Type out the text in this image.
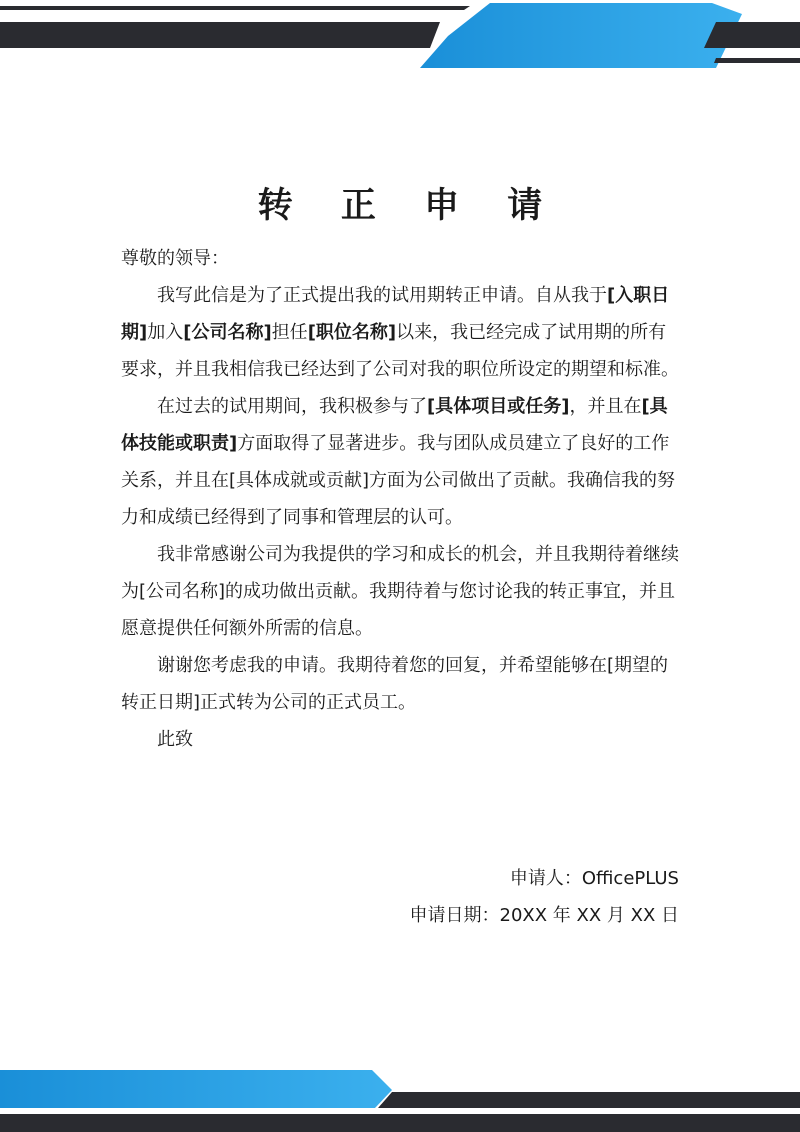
转 正 申 请

尊敬的领导：

我写此信是为了正式提出我的试用期转正申请。自从我于[入职日期]加入[公司名称]担任[职位名称]以来，我已经完成了试用期的所有要求，并且我相信我已经达到了公司对我的职位所设定的期望和标准。

在过去的试用期间，我积极参与了[具体项目或任务]，并且在[具体技能或职责]方面取得了显著进步。我与团队成员建立了良好的工作关系，并且在[具体成就或贡献]方面为公司做出了贡献。我确信我的努力和成绩已经得到了同事和管理层的认可。

我非常感谢公司为我提供的学习和成长的机会，并且我期待着继续为[公司名称]的成功做出贡献。我期待着与您讨论我的转正事宜，并且愿意提供任何额外所需的信息。

谢谢您考虑我的申请。我期待着您的回复，并希望能够在[期望的转正日期]正式转为公司的正式员工。

此致

申请人：OfficePLUS
申请日期：20XX 年 XX 月 XX 日
